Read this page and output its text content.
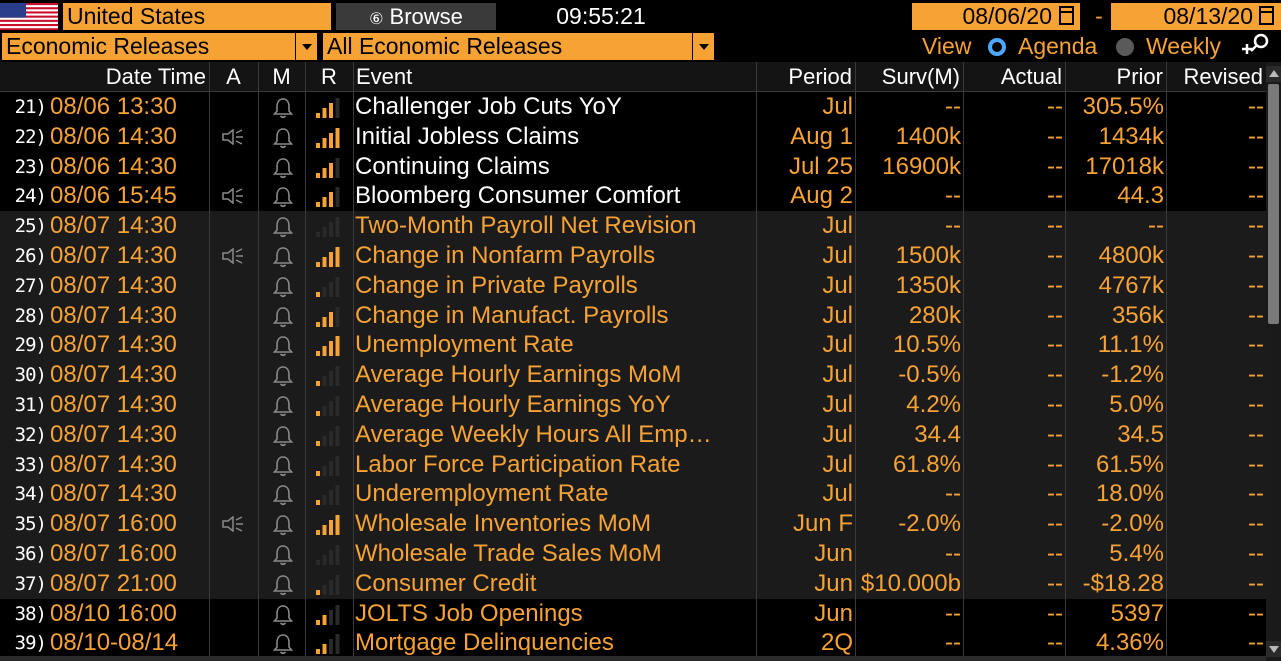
United States	⑥ Browse	09:55:21	08/06/20	-	08/13/20
Economic Releases	All Economic Releases	View Agenda Weekly
Date Time A	M	R Event	Period	Surv(M)	Actual	Prior Revised
21) 08/06 13:30	Challenger Job Cuts YoY	Jul	--	-- 305.5%	--
22) 08/06 14:30	Initial Jobless Claims	Aug 1	1400k	--	1434k	--
23) 08/06 14:30	Continuing Claims	Jul 25	16900k	-- 17018k	--
24) 08/06 15:45	Bloomberg Consumer Comfort	Aug 2	--	--	44.3	--
25) 08/07 14:30	Two-Month Payroll Net Revision	Jul	--	--	--	--
26) 08/07 14:30	Change in Nonfarm Payrolls	Jul	1500k	--	4800k	--
27) 08/07 14:30	Change in Private Payrolls	Jul	1350k	--	4767k	--
28) 08/07 14:30	Change in Manufact. Payrolls	Jul	280k	--	356k	--
29) 08/07 14:30	Unemployment Rate	Jul	10.5%	--	11.1%	--
30) 08/07 14:30	Average Hourly Earnings MoM	Jul	-0.5%	--	-1.2%	--
31) 08/07 14:30	Average Hourly Earnings YoY	Jul	4.2%	--	5.0%	--
32) 08/07 14:30	Average Weekly Hours All Emp…	Jul	34.4	--	34.5	--
33) 08/07 14:30	Labor Force Participation Rate	Jul	61.8%	--	61.5%	--
34) 08/07 14:30	Underemployment Rate	Jul	--	--	18.0%	--
35) 08/07 16:00	Wholesale Inventories MoM	Jun F	-2.0%	--	-2.0%	--
36) 08/07 16:00	Wholesale Trade Sales MoM	Jun	--	--	5.4%	--
37) 08/07 21:00	Consumer Credit	Jun $10.000b	-- -$18.28	--
38) 08/10 16:00	JOLTS Job Openings	Jun	--	--	5397	--
39) 08/10-08/14	Mortgage Delinquencies	2Q	--	--	4.36%	--
